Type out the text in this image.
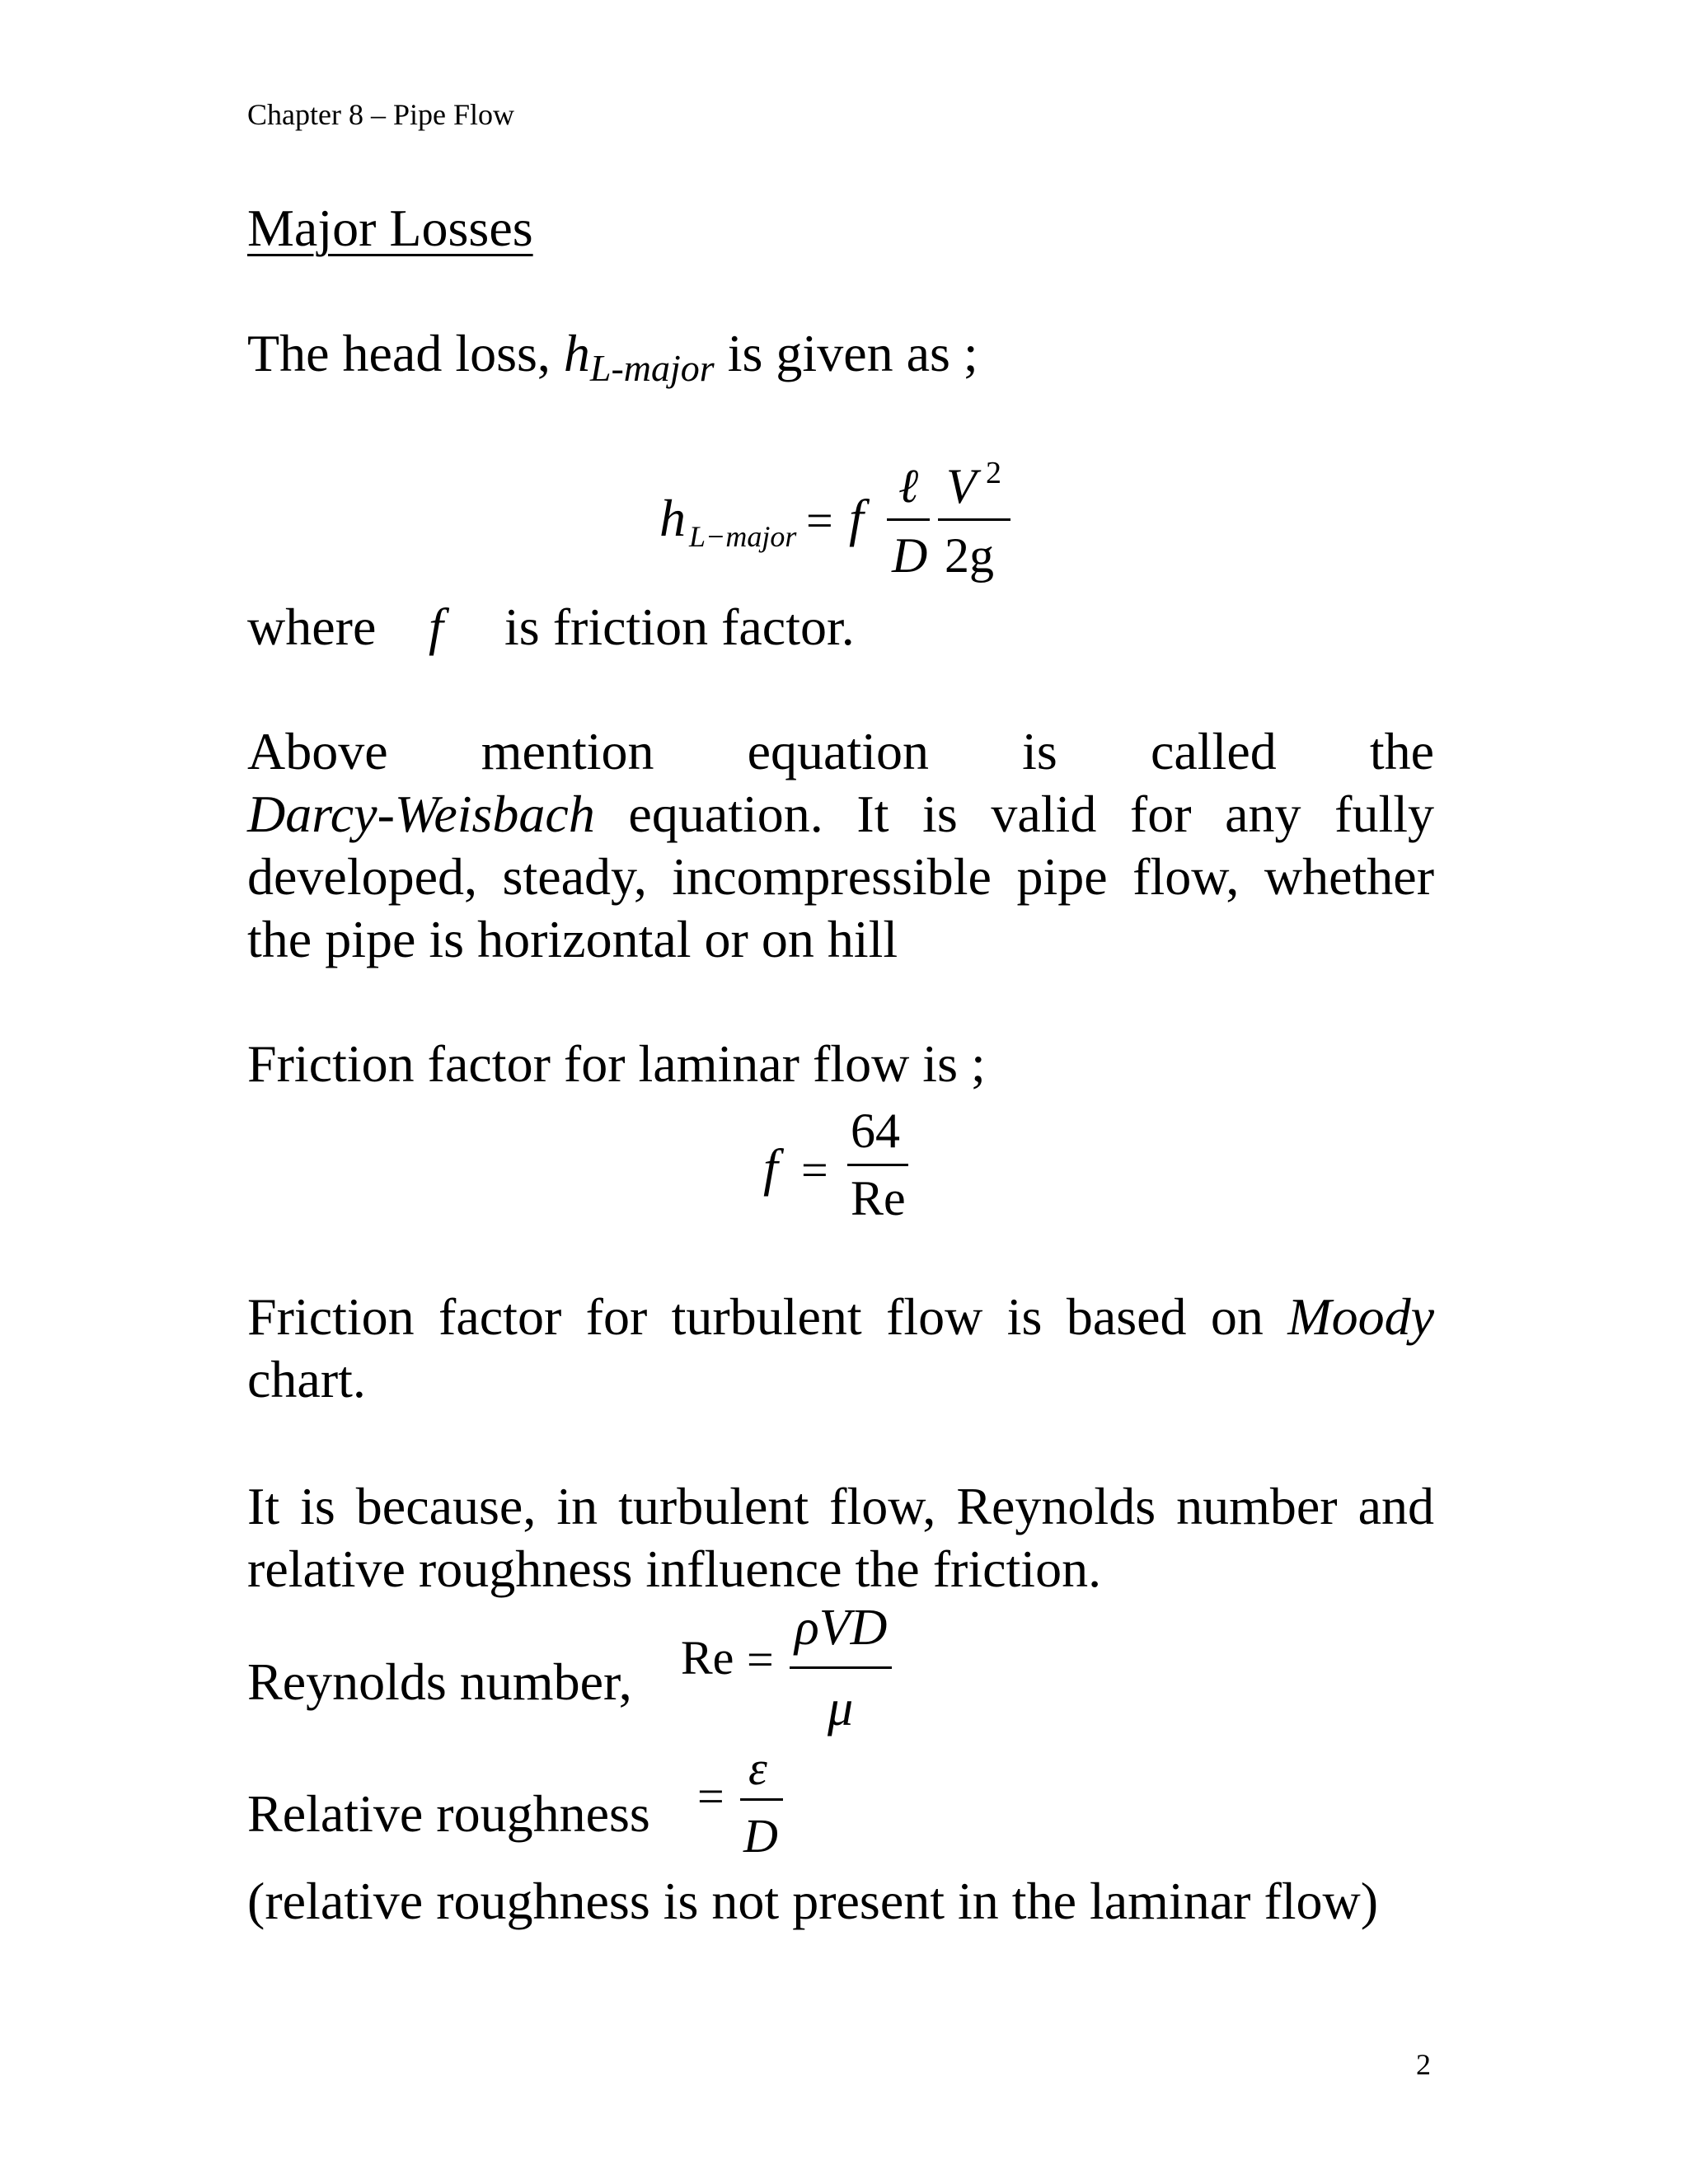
Chapter 8 – Pipe Flow
Major Losses
The head loss, $h_{L-major}$ is given as ;
h L−major = f
ℓ
D
V 2
2g
where f is friction factor.
Above mention equation is called the
Darcy-Weisbach equation. It is valid for any fully
developed, steady, incompressible pipe flow, whether
the pipe is horizontal or on hill
Friction factor for laminar flow is ;
f =
64
Re
Friction factor for turbulent flow is based on Moody
chart.
It is because, in turbulent flow, Reynolds number and
relative roughness influence the friction.
Reynolds number, Re =
ρVD
μ
Relative roughness =
ε
D
(relative roughness is not present in the laminar flow)
2
